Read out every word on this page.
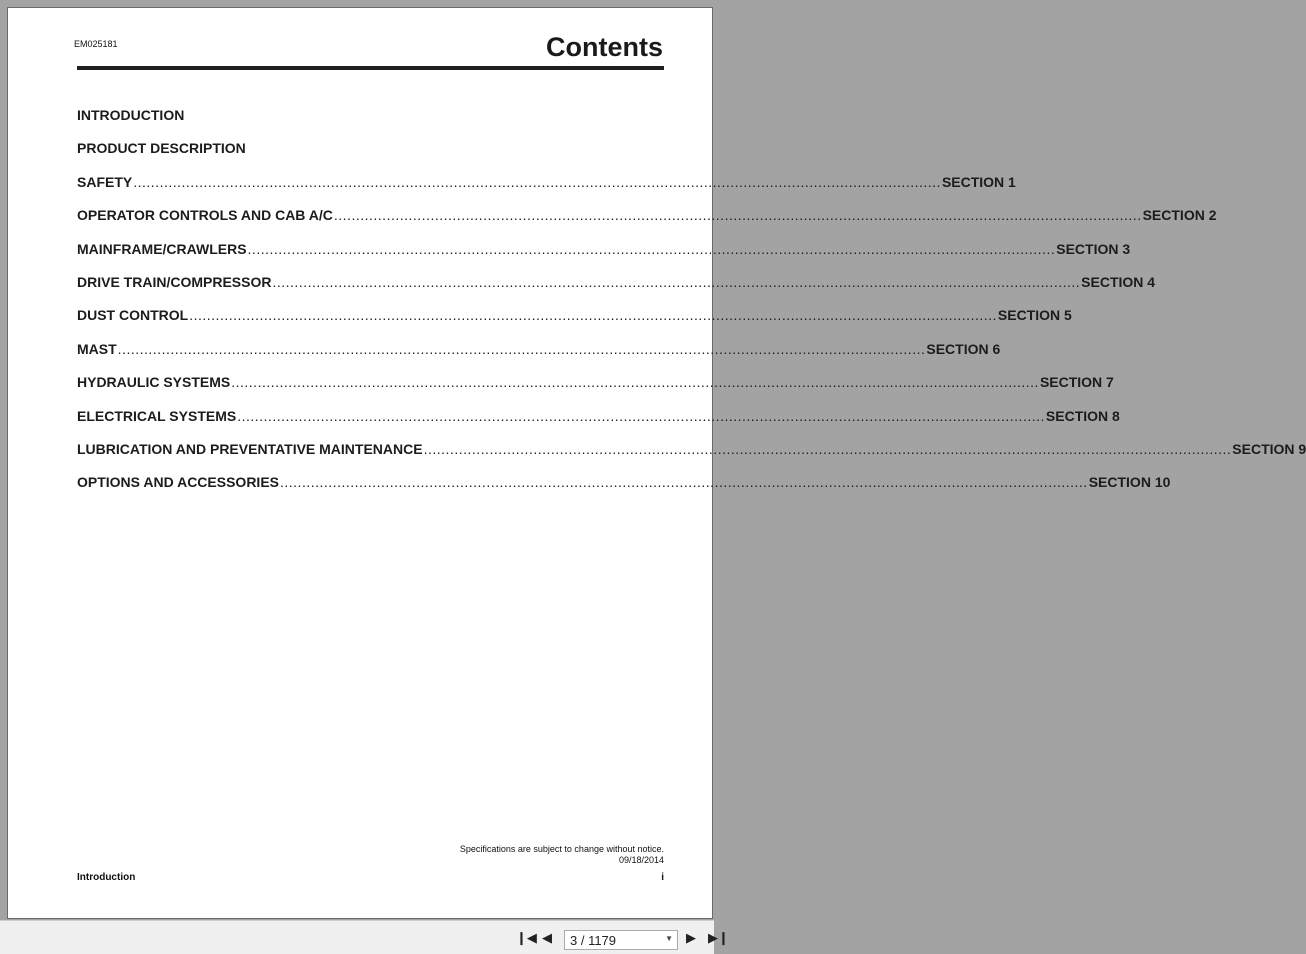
EM025181	Contents
INTRODUCTION
PRODUCT DESCRIPTION
SAFETY .....	SECTION 1
OPERATOR CONTROLS AND CAB A/C .....	SECTION 2
MAINFRAME/CRAWLERS .....	SECTION 3
DRIVE TRAIN/COMPRESSOR .....	SECTION 4
DUST CONTROL .....	SECTION 5
MAST .....	SECTION 6
HYDRAULIC SYSTEMS .....	SECTION 7
ELECTRICAL SYSTEMS .....	SECTION 8
LUBRICATION AND PREVENTATIVE MAINTENANCE .....	SECTION 9
OPTIONS AND ACCESSORIES .....	SECTION 10
Specifications are subject to change without notice.
09/18/2014
Introduction	i
❙◀ ◀	3 / 1179	▼ ▶ ▶❙
